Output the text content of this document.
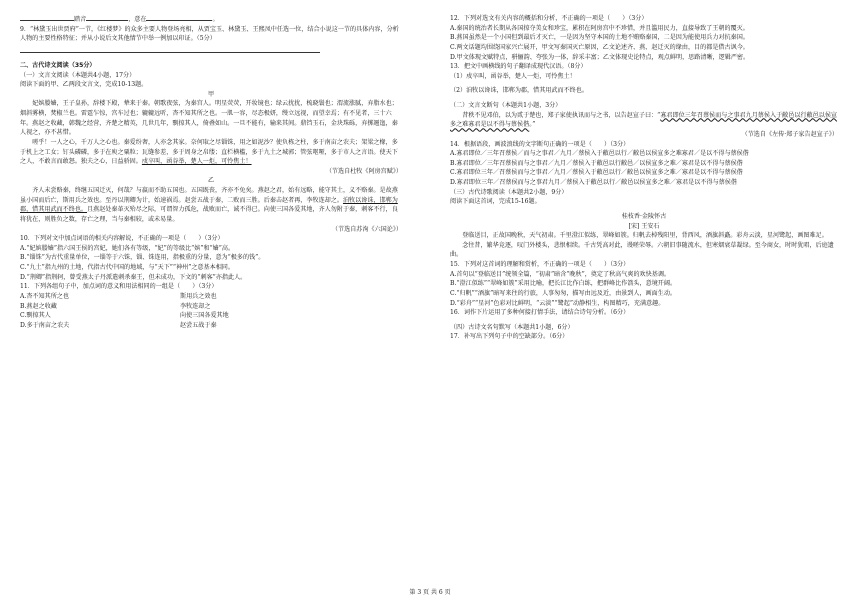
踏音	，意在	。

9．“林黛玉出世贾府”一节，《红楼梦》的众多主要人物登场亮相，从贾宝玉、林黛玉、王熙凤中任选一位，结合小说这一节的具体内容，分析人物的主要性格特征；并从小说后文其他情节中举一例加以印证。（5分）

二、古代诗文阅读（35分）

（一）文言文阅读（本题共4小题，17分）

阅读下面的甲、乙两段文言文，完成10-13题。

甲

妃嫔媵嫱，王子皇孙，辞楼下殿，辇来于秦。朝歌夜弦，为秦宫人。明星荧荧，开妆镜也；绿云扰扰，梳晓鬟也；渭流涨腻，弃脂水也；烟斜雾横，焚椒兰也。雷霆乍惊，宫车过也；辘辘远听，杳不知其所之也。一肌一容，尽态极妍，缦立远视，而望幸焉；有不见者，三十六年。燕赵之收藏，韩魏之经营，齐楚之精英，几世几年，剽掠其人，倚叠如山。一旦不能有，输来其间。鼎铛玉石，金块珠砾，弃掷逦迤，秦人视之，亦不甚惜。

嗟乎！一人之心，千万人之心也。秦爱纷奢，人亦念其家。奈何取之尽锱铢，用之如泥沙？使负栋之柱，多于南亩之农夫；架梁之椽，多于机上之工女；钉头磷磷，多于在庾之粟粒；瓦缝参差，多于周身之帛缕；直栏横槛，多于九土之城郭；管弦呕哑，多于市人之言语。使天下之人，不敢言而敢怒。独夫之心，日益骄固。戍卒叫，函谷举，楚人一炬，可怜焦土！

（节选自杜牧《阿房宫赋》）

乙

齐人未尝赂秦，终继五国迁灭，何哉？与嬴而不助五国也。五国既丧，齐亦不免矣。燕赵之君，始有远略，能守其土，义不赂秦。是故燕虽小国而后亡，斯用兵之效也。至丹以荆卿为计，始速祸焉。赵尝五战于秦，二败而三胜。后秦击赵者再，李牧连却之。洎牧以谗诛，邯郸为郡，惜其用武而不终也。且燕赵处秦革灭殆尽之际，可谓智力孤危，战败而亡，诚不得已。向使三国各爱其地，齐人勿附于秦，刺客不行，良将犹在，则胜负之数，存亡之理，当与秦相较，或未易量。

（节选自苏洵《六国论》）

10．下列对文中加点词语的相关内容解说，不正确的一项是（　　）（3分）

A.“妃嫔媵嫱”指六国王侯的宫妃，她们各有等级，“妃”的等级比“嫔”和“嫱”高。

B.“锱铢”为古代重量单位，一锱等于六铢，锱、铢连用，指极重的分量，意为“极多的钱”。

C.“九土”指九州的土地，代指古代中国的地域，与“天下”“神州”之意基本相同。

D.“荆卿”指荆轲，曾受燕太子丹派遣刺杀秦王，但未成功，下文的“刺客”亦指此人。

11．下列各组句子中，加点词的意义和用法相同的一组是（　　）（3分）

A.杳不知其所之也	斯用兵之效也
B.燕赵之收藏	李牧连却之
C.剽掠其人	向使三国各爱其地
D.多于南亩之农夫	赵尝五战于秦

12．下列对选文有关内容的概括和分析，不正确的一项是（　　）（3分）

A.秦国的统治者长期从各国掠夺美女和珍宝，累积在阿房宫中不珍惜，并且滥用民力，直接导致了王朝的覆灭。

B.燕国虽然是一个小国但到最后才灭亡，一是因为坚守本国的土地不贿赂秦国，二是因为能使用兵力对抗秦国。

C.两文话题均围绕国家兴亡展开，甲文写秦国灭亡原因，乙文论述齐、燕、赵迁灭的缘由，目的都是借古讽今。

D.甲文体现文赋特点，骈俪韵、夸张为一体，辞采丰富；乙文体现史论特点，观点鲜明，思路清晰，逻辑严密。

13．把文中画横线的句子翻译成现代汉语。（8分）

（1）戍卒叫，函谷举，楚人一炬，可怜焦土！

（2）洎牧以谗诛，邯郸为郡，惜其用武而不终也。

（二）文言文断句（本题共1小题，3分）

昔秩不见邓伯，以为贰于楚也，郑子家使执讯而与之书，以告赵宣子曰：“寡君即位三年召蔡侯而与之事君九月蔡侯入于敝邑以行敝邑以侯宣多之难寡君是以不得与蔡侯偕。”

（节选自《左传·郑子家告赵宣子》）

14．根据语段，画波浪线的文字断句正确的一项是（　　）（3分）

A.寡君即位／三年召蔡侯／而与之事君／九月／蔡侯入于敝邑以行／敝邑以侯宣多之难寡君／是以不得与蔡侯偕

B.寡君即位／三年召蔡侯而与之事君／九月／蔡侯入于敝邑以行敝邑／以侯宣多之难／寡君是以不得与蔡侯偕

C.寡君即位三年／召蔡侯而与之事君／九月／蔡侯入于敝邑以行／敝邑以侯宣多之难／寡君是以不得与蔡侯偕

D.寡君即位三年／召蔡侯而与之事君九月／蔡侯入于敝邑以行／敝邑以侯宣多之难／寡君是以不得与蔡侯偕

（三）古代诗歌阅读（本题共2小题，9分）

阅读下面这首词，完成15-16题。

桂枝香·金陵怀古

[宋] 王安石

登临送目，正故国晚秋，天气初肃。千里澄江似练，翠峰如簇。归帆去棹残阳里，背西风，酒旗斜矗。彩舟云淡，星河鹭起，画图难足。

念往昔，繁华竞逐，叹门外楼头，悲恨相续。千古凭高对此，谩嗟荣辱。六朝旧事随流水，但寒烟衰草凝绿。至今商女，时时犹唱，后庭遗曲。

15．下列对这首词的理解和赏析，不正确的一项是（　　）（3分）

A.首句以“登临送目”统领全篇，“初肃”暗含“晚秋”，奠定了秋高气爽的欢快基调。

B.“澄江似练”“翠峰如簇”采用比喻，把长江比作白练，把群峰比作箭头，意境开阔。

C.“归帆”“酒旗”暗写来往的行旅，人事匆匆，描写由远及近，由景到人，画面生动。

D.“彩舟”“星河”色彩对比鲜明，“云淡”“鹭起”动静相生，构图精巧，充满意趣。

16．词作下片运用了多种何接打情手法，请结合诗句分析。（6分）

（四）古诗文名句默写（本题共1小题，6分）

17．补写出下列句子中的空缺部分。（6分）

第 3 页 共 6 页
